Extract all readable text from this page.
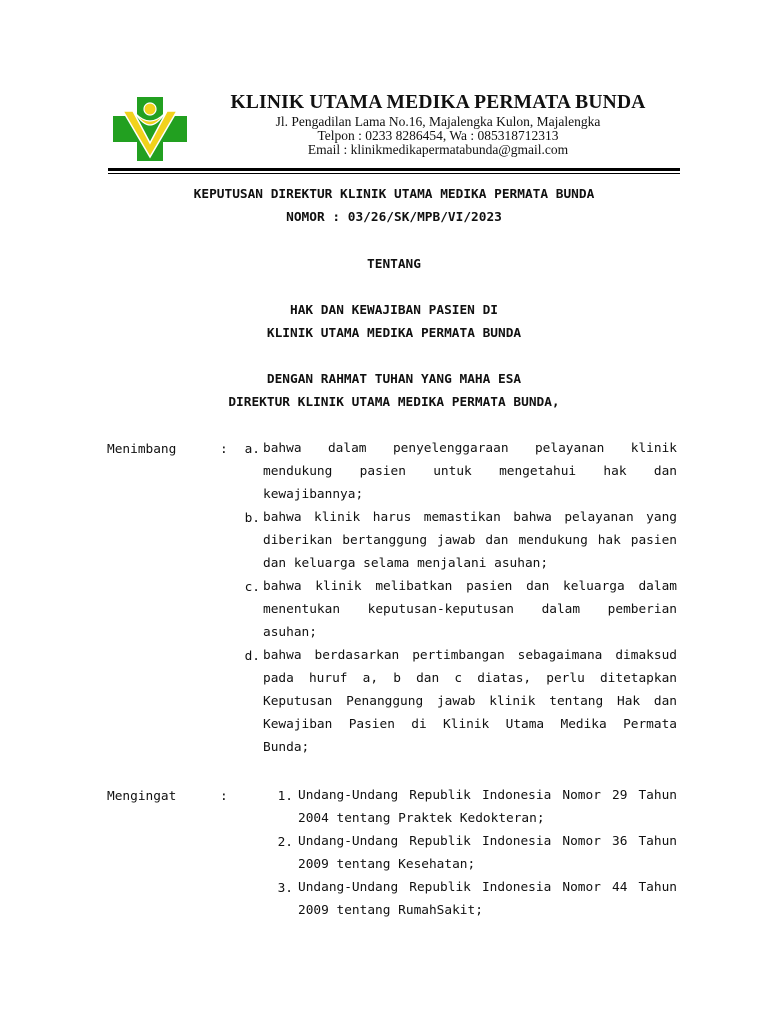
KLINIK UTAMA MEDIKA PERMATA BUNDA
Jl. Pengadilan Lama No.16, Majalengka Kulon, Majalengka
Telpon : 0233 8286454, Wa : 085318712313
Email : klinikmedikapermatabunda@gmail.com
KEPUTUSAN DIREKTUR KLINIK UTAMA MEDIKA PERMATA BUNDA
NOMOR : 03/26/SK/MPB/VI/2023
TENTANG
HAK DAN KEWAJIBAN PASIEN DI
KLINIK UTAMA MEDIKA PERMATA BUNDA
DENGAN RAHMAT TUHAN YANG MAHA ESA
DIREKTUR KLINIK UTAMA MEDIKA PERMATA BUNDA,
Menimbang	:	a. bahwa dalam penyelenggaraan pelayanan klinik mendukung pasien untuk mengetahui hak dan kewajibannya;

b. bahwa klinik harus memastikan bahwa pelayanan yang diberikan bertanggung jawab dan mendukung hak pasien dan keluarga selama menjalani asuhan;

c. bahwa klinik melibatkan pasien dan keluarga dalam menentukan keputusan-keputusan dalam pemberian asuhan;

d. bahwa berdasarkan pertimbangan sebagaimana dimaksud pada huruf a, b dan c diatas, perlu ditetapkan Keputusan Penanggung jawab klinik tentang Hak dan Kewajiban Pasien di Klinik Utama Medika Permata Bunda;

Mengingat	:	1. Undang-Undang Republik Indonesia Nomor 29 Tahun 2004 tentang Praktek Kedokteran;

2. Undang-Undang Republik Indonesia Nomor 36 Tahun 2009 tentang Kesehatan;

3. Undang-Undang Republik Indonesia Nomor 44 Tahun 2009 tentang RumahSakit;
